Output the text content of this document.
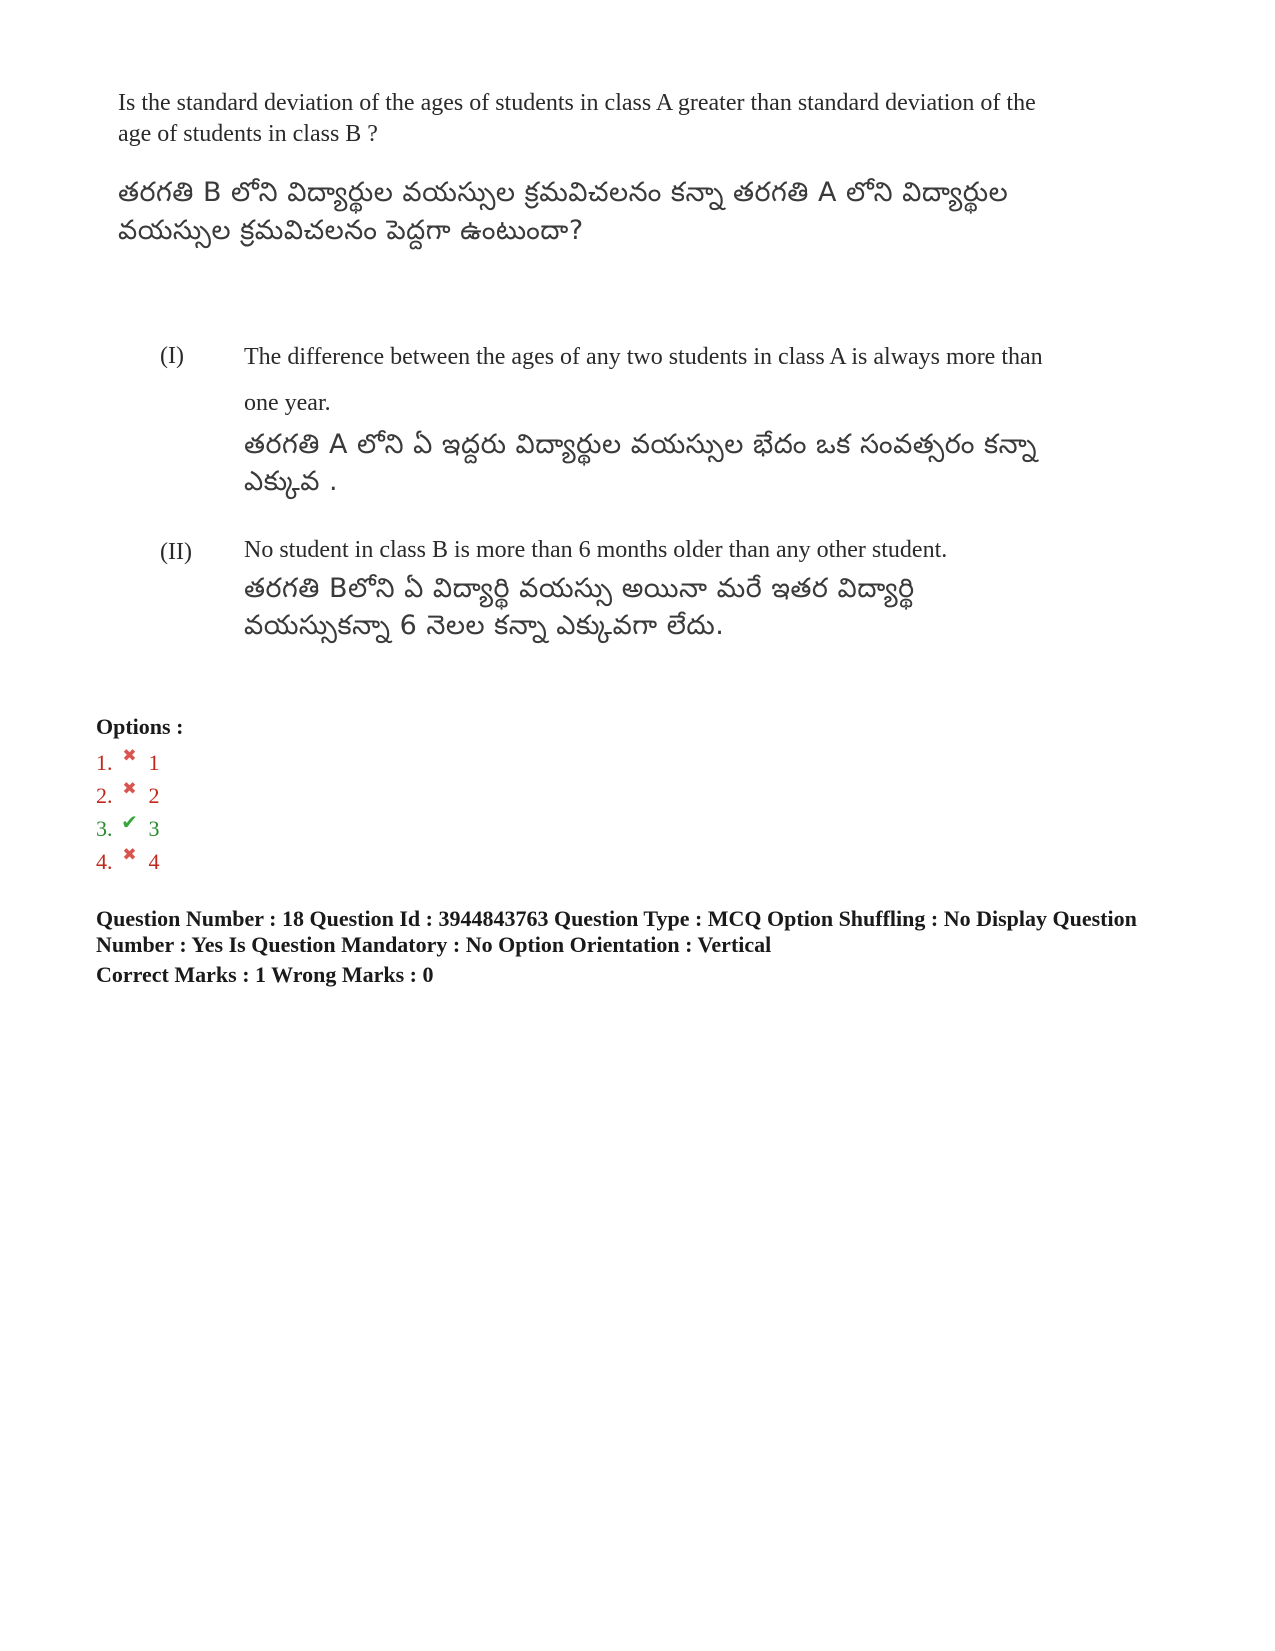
Is the standard deviation of the ages of students in class A greater than standard deviation of the age of students in class B ?

తరగతి B లోని విద్యార్థుల వయస్సుల క్రమవిచలనం కన్నా తరగతి A లోని విద్యార్థుల వయస్సుల క్రమవిచలనం పెద్దగా ఉంటుందా?

(I)	The difference between the ages of any two students in class A is always more than one year.

తరగతి A లోని ఏ ఇద్దరు విద్యార్థుల వయస్సుల భేదం ఒక సంవత్సరం కన్నా ఎక్కువ .

(II) No student in class B is more than 6 months older than any other student.

తరగతి Bలోని ఏ విద్యార్థి వయస్సు అయినా మరే ఇతర విద్యార్థి వయస్సుకన్నా 6 నెలల కన్నా ఎక్కువగా లేదు.

Options :

1. ✖ 1
2. ✖ 2
3. ✔ 3
4. ✖ 4

Question Number : 18 Question Id : 3944843763 Question Type : MCQ Option Shuffling : No Display Question Number : Yes Is Question Mandatory : No Option Orientation : Vertical

Correct Marks : 1 Wrong Marks : 0
